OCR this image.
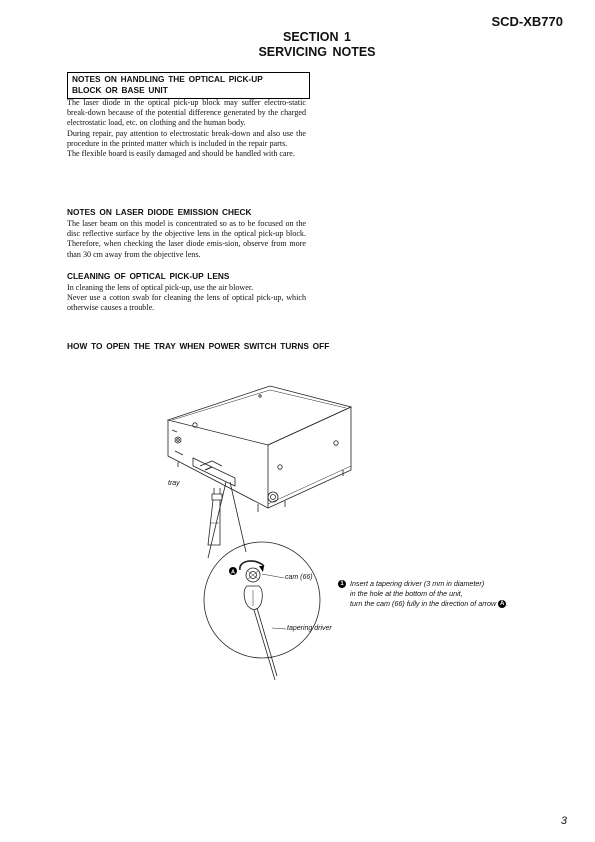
SCD-XB770
SECTION 1
SERVICING NOTES
NOTES ON HANDLING THE OPTICAL PICK-UP
BLOCK OR BASE UNIT

The laser diode in the optical pick-up block may suffer electro-static break-down because of the potential difference generated by the charged electrostatic load, etc. on clothing and the human body.

During repair, pay attention to electrostatic break-down and also use the procedure in the printed matter which is included in the repair parts.

The flexible board is easily damaged and should be handled with care.

NOTES ON LASER DIODE EMISSION CHECK

The laser beam on this model is concentrated so as to be focused on the disc reflective surface by the objective lens in the optical pick-up block. Therefore, when checking the laser diode emis-sion, observe from more than 30 cm away from the objective lens.

CLEANING OF OPTICAL PICK-UP LENS

In cleaning the lens of optical pick-up, use the air blower.

Never use a cotton swab for cleaning the lens of optical pick-up, which otherwise causes a trouble.

HOW TO OPEN THE TRAY WHEN POWER SWITCH TURNS OFF
A
tray
cam (66)
tapering driver
1 Insert a tapering driver (3 mm in diameter)
in the hole at the bottom of the unit,
turn the cam (66) fully in the direction of arrow A .
3
